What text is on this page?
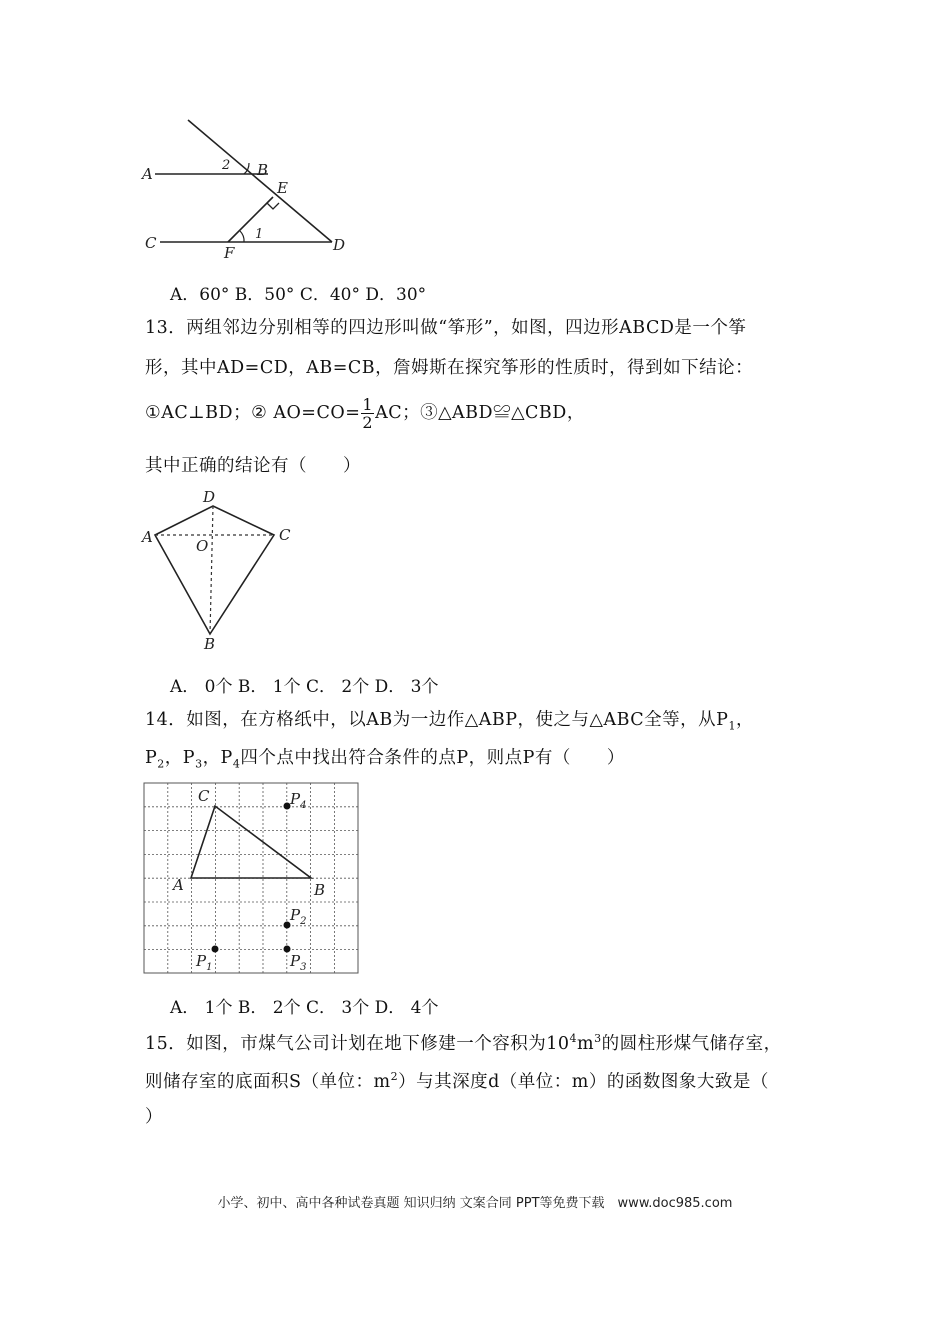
A	B
E
C
F	D
1
2
A．60° B．50° C．40° D．30°
13．两组邻边分别相等的四边形叫做“筝形”，如图，四边形ABCD是一个筝
形，其中AD=CD，AB=CB，詹姆斯在探究筝形的性质时，得到如下结论：
①AC⊥BD；② $AO=CO= \frac{1}{2}$ AC；③△ABD≌△CBD，
其中正确的结论有（　　）
D
A	C
O
B
A． 0个 B． 1个 C． 2个 D． 3个
14．如图，在方格纸中，以AB为一边作△ABP，使之与△ABC全等，从$P_1$，
$P_2$，$P_3$，$P_4$四个点中找出符合条件的点P，则点P有（　　）
C
A	B
$P_4$
$P_2$
$P_1$	$P_3$
A． 1个 B． 2个 C． 3个 D． 4个
15．如图，市煤气公司计划在地下修建一个容积为$10^4m^3$的圆柱形煤气储存室，
则储存室的底面积S（单位：$m^2$）与其深度d（单位：m）的函数图象大致是（
）
小学、初中、高中各种试卷真题 知识归纳 文案合同 PPT等免费下载　www.doc985.com
